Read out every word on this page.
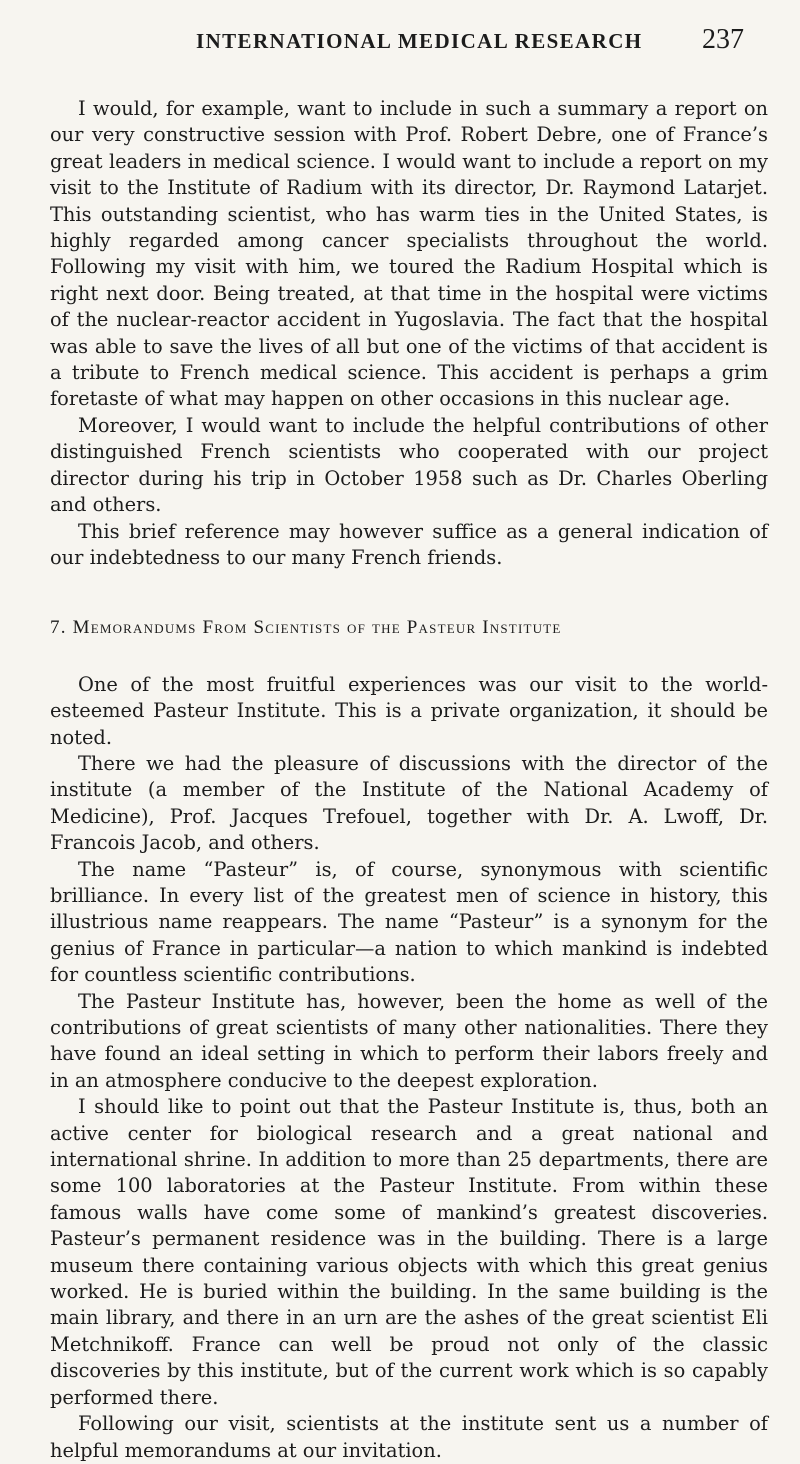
INTERNATIONAL MEDICAL RESEARCH 237

I would, for example, want to include in such a summary a report on our very constructive session with Prof. Robert Debre, one of France’s great leaders in medical science. I would want to include a report on my visit to the Institute of Radium with its director, Dr. Raymond Latarjet. This outstanding scientist, who has warm ties in the United States, is highly regarded among cancer specialists throughout the world. Following my visit with him, we toured the Radium Hospital which is right next door. Being treated, at that time in the hospital were victims of the nuclear-reactor accident in Yugoslavia. The fact that the hospital was able to save the lives of all but one of the victims of that accident is a tribute to French medical science. This accident is perhaps a grim foretaste of what may happen on other occasions in this nuclear age.

Moreover, I would want to include the helpful contributions of other distinguished French scientists who cooperated with our project director during his trip in October 1958 such as Dr. Charles Oberling and others.

This brief reference may however suffice as a general indication of our indebtedness to our many French friends.

7. Memorandums From Scientists of the Pasteur Institute

One of the most fruitful experiences was our visit to the world-esteemed Pasteur Institute. This is a private organization, it should be noted.

There we had the pleasure of discussions with the director of the institute (a member of the Institute of the National Academy of Medicine), Prof. Jacques Trefouel, together with Dr. A. Lwoff, Dr. Francois Jacob, and others.

The name “Pasteur” is, of course, synonymous with scientific brilliance. In every list of the greatest men of science in history, this illustrious name reappears. The name “Pasteur” is a synonym for the genius of France in particular—a nation to which mankind is indebted for countless scientific contributions.

The Pasteur Institute has, however, been the home as well of the contributions of great scientists of many other nationalities. There they have found an ideal setting in which to perform their labors freely and in an atmosphere conducive to the deepest exploration.

I should like to point out that the Pasteur Institute is, thus, both an active center for biological research and a great national and international shrine. In addition to more than 25 departments, there are some 100 laboratories at the Pasteur Institute. From within these famous walls have come some of mankind’s greatest discoveries. Pasteur’s permanent residence was in the building. There is a large museum there containing various objects with which this great genius worked. He is buried within the building. In the same building is the main library, and there in an urn are the ashes of the great scientist Eli Metchnikoff. France can well be proud not only of the classic discoveries by this institute, but of the current work which is so capably performed there.

Following our visit, scientists at the institute sent us a number of helpful memorandums at our invitation.
